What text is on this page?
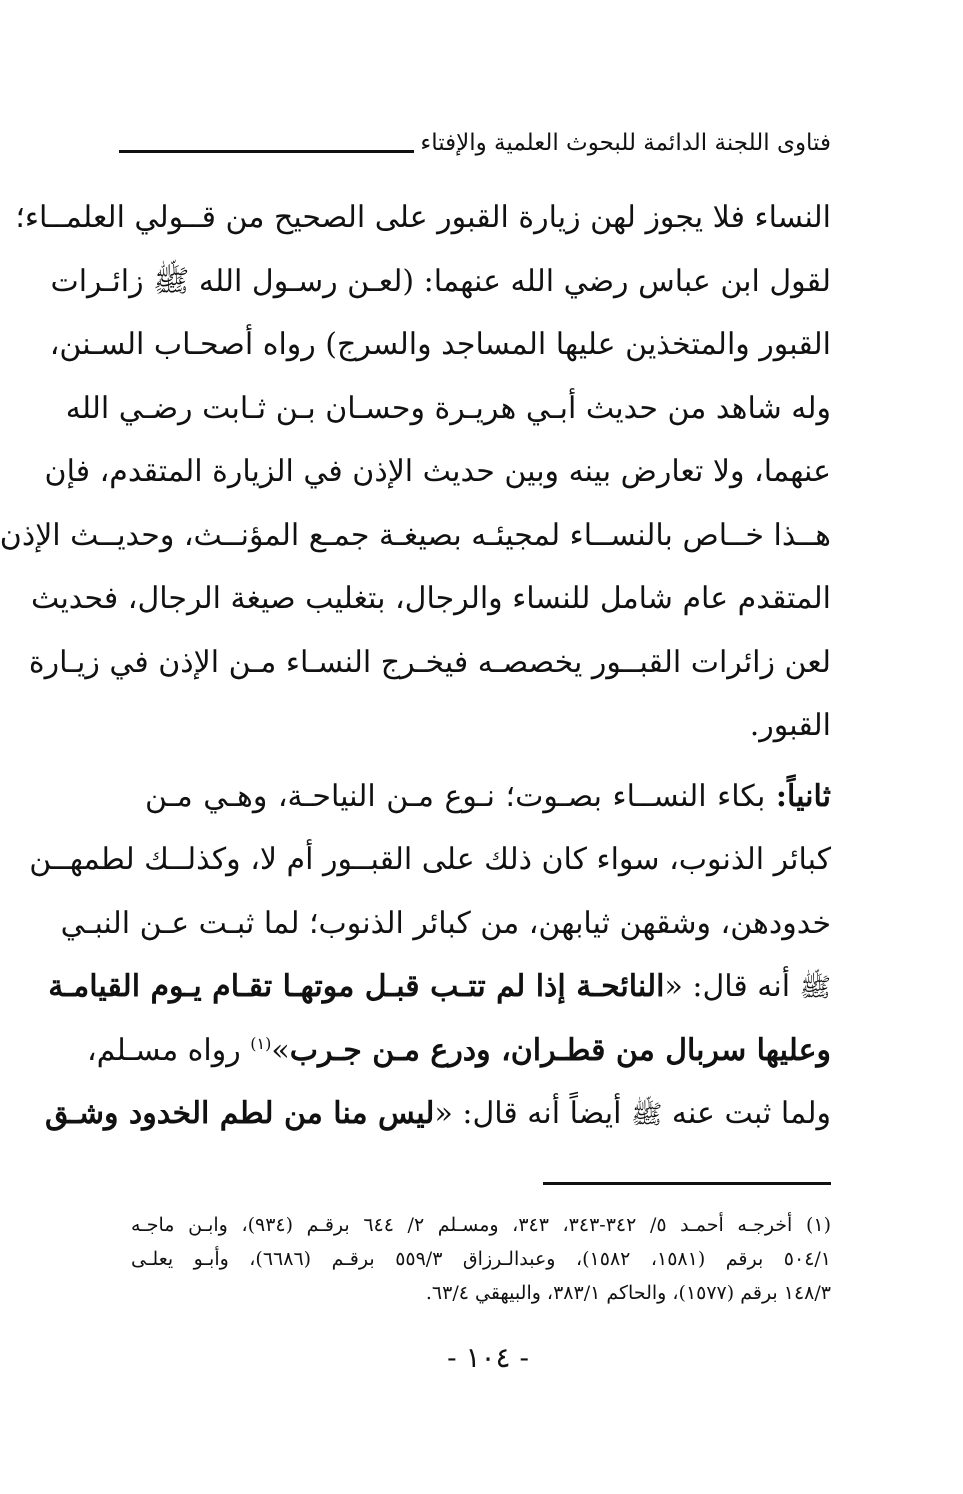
فتاوى اللجنة الدائمة للبحوث العلمية والإفتاء
النساء فلا يجوز لهن زيارة القبور على الصحيح من قــولي العلمــاء؛
لقول ابن عباس رضي الله عنهما: (لعـن رسـول الله ﷺ زائـرات
القبور والمتخذين عليها المساجد والسرج) رواه أصحـاب السـنن،
وله شاهد من حديث أبـي هريـرة وحسـان بـن ثـابت رضـي الله
عنهما، ولا تعارض بينه وبين حديث الإذن في الزيارة المتقدم، فإن
هــذا خــاص بالنســاء لمجيئـه بصيغـة جمـع المؤنــث، وحديــث الإذن
المتقدم عام شامل للنساء والرجال، بتغليب صيغة الرجال، فحديث
لعن زائرات القبــور يخصصـه فيخـرج النسـاء مـن الإذن في زيـارة
القبور.
ثانياً: بكاء النســاء بصـوت؛ نـوع مـن النياحـة، وهـي مـن
كبائر الذنوب، سواء كان ذلك على القبــور أم لا، وكذلــك لطمهــن
خدودهن، وشقهن ثيابهن، من كبائر الذنوب؛ لما ثبـت عـن النبـي
ﷺ أنه قال: «النائحـة إذا لم تتـب قبـل موتهـا تقـام يـوم القيامـة
وعليها سربال من قطـران، ودرع مـن جـرب»$^{(١)}$ رواه مسـلم،
ولما ثبت عنه ﷺ أيضاً أنه قال: «ليس منا من لطم الخدود وشـق
(١) أخرجـه أحمـد ٥/ ٣٤٢-٣٤٣، ٣٤٣، ومسـلم ٢/ ٦٤٤ برقـم (٩٣٤)، وابـن ماجـه
٥٠٤/١ برقم (١٥٨١، ١٥٨٢)، وعبدالـرزاق ٥٥٩/٣ برقـم (٦٦٨٦)، وأبـو يعلـى
١٤٨/٣ برقم (١٥٧٧)، والحاكم ٣٨٣/١، والبيهقي ٦٣/٤.
- ١٠٤ -
